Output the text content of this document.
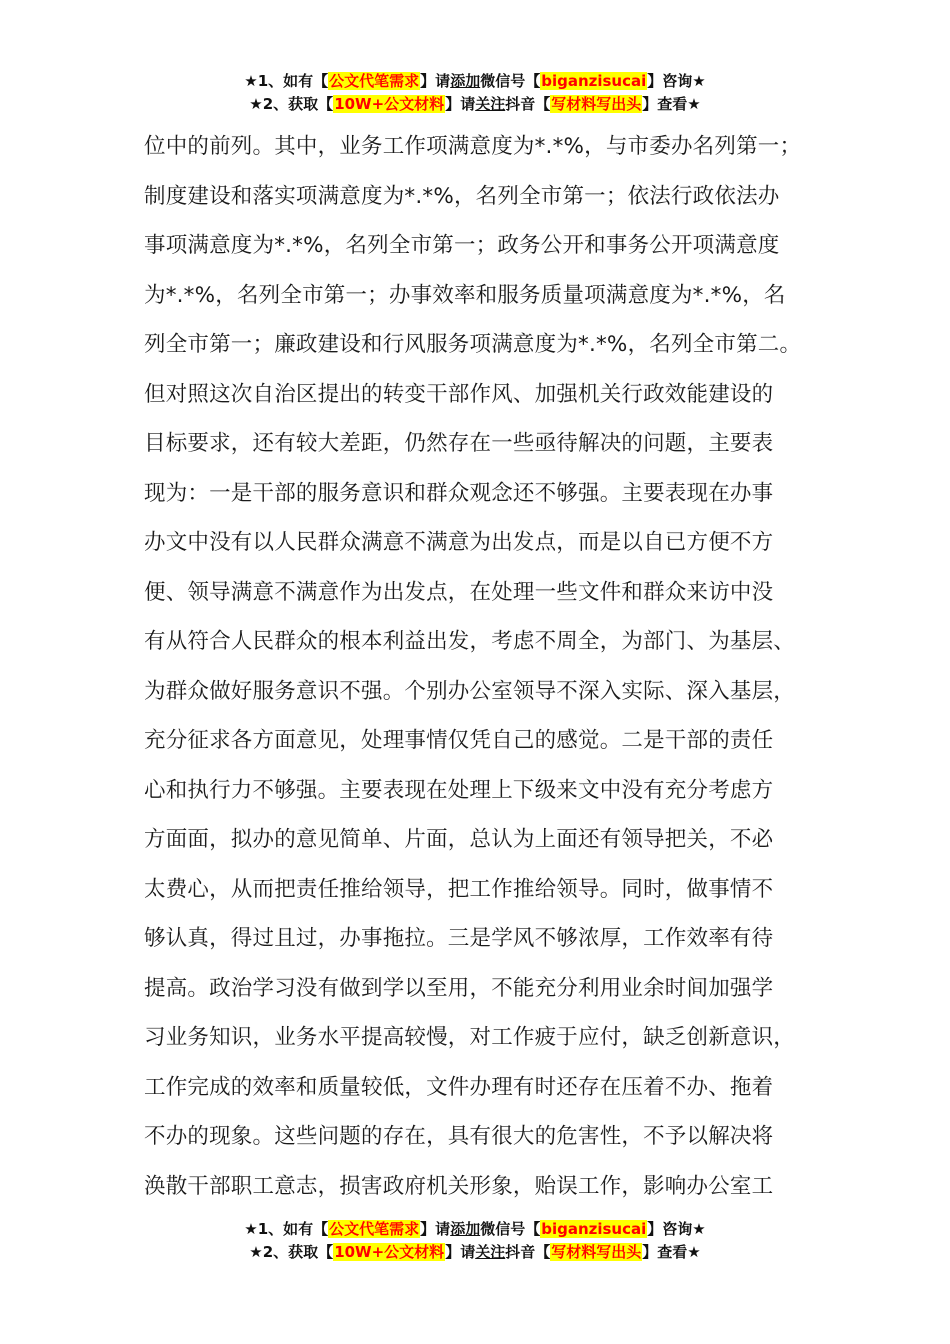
★1、如有【公文代笔需求】请添加微信号【biganzisucai】咨询★
★2、获取【10W+公文材料】请关注抖音【写材料写出头】查看★
位中的前列。其中，业务工作项满意度为*.*%，与市委办名列第一；
制度建设和落实项满意度为*.*%，名列全市第一；依法行政依法办
事项满意度为*.*%，名列全市第一；政务公开和事务公开项满意度
为*.*%，名列全市第一；办事效率和服务质量项满意度为*.*%，名
列全市第一；廉政建设和行风服务项满意度为*.*%，名列全市第二。
但对照这次自治区提出的转变干部作风、加强机关行政效能建设的
目标要求，还有较大差距，仍然存在一些亟待解决的问题，主要表
现为：一是干部的服务意识和群众观念还不够强。主要表现在办事
办文中没有以人民群众满意不满意为出发点，而是以自已方便不方
便、领导满意不满意作为出发点，在处理一些文件和群众来访中没
有从符合人民群众的根本利益出发，考虑不周全，为部门、为基层、
为群众做好服务意识不强。个别办公室领导不深入实际、深入基层，
充分征求各方面意见，处理事情仅凭自己的感觉。二是干部的责任
心和执行力不够强。主要表现在处理上下级来文中没有充分考虑方
方面面，拟办的意见简单、片面，总认为上面还有领导把关，不必
太费心，从而把责任推给领导，把工作推给领导。同时，做事情不
够认真，得过且过，办事拖拉。三是学风不够浓厚，工作效率有待
提高。政治学习没有做到学以至用，不能充分利用业余时间加强学
习业务知识，业务水平提高较慢，对工作疲于应付，缺乏创新意识，
工作完成的效率和质量较低，文件办理有时还存在压着不办、拖着
不办的现象。这些问题的存在，具有很大的危害性，不予以解决将
涣散干部职工意志，损害政府机关形象，贻误工作，影响办公室工
★1、如有【公文代笔需求】请添加微信号【biganzisucai】咨询★
★2、获取【10W+公文材料】请关注抖音【写材料写出头】查看★
